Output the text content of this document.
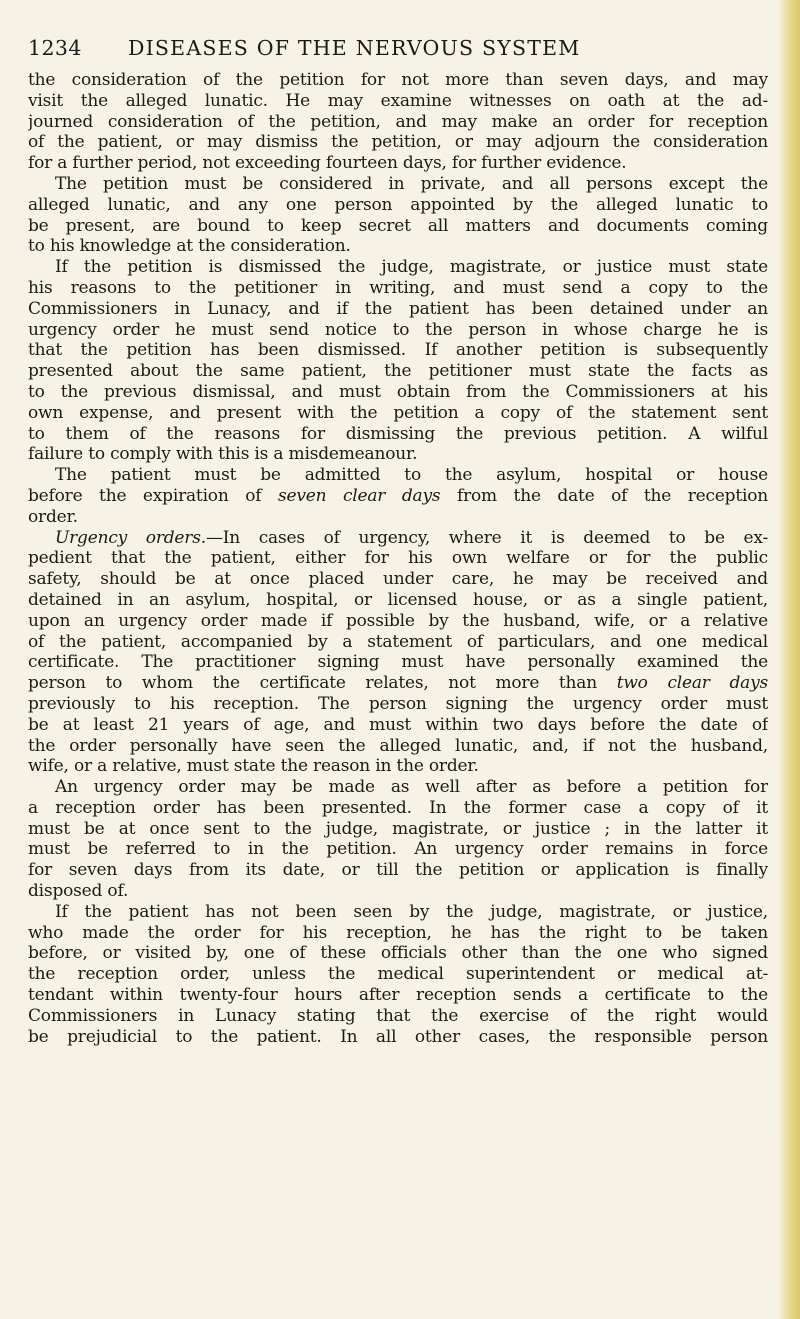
1234 DISEASES OF THE NERVOUS SYSTEM
the consideration of the petition for not more than seven days, and may
visit the alleged lunatic. He may examine witnesses on oath at the ad-
journed consideration of the petition, and may make an order for reception
of the patient, or may dismiss the petition, or may adjourn the consideration
for a further period, not exceeding fourteen days, for further evidence.
The petition must be considered in private, and all persons except the
alleged lunatic, and any one person appointed by the alleged lunatic to
be present, are bound to keep secret all matters and documents coming
to his knowledge at the consideration.
If the petition is dismissed the judge, magistrate, or justice must state
his reasons to the petitioner in writing, and must send a copy to the
Commissioners in Lunacy, and if the patient has been detained under an
urgency order he must send notice to the person in whose charge he is
that the petition has been dismissed. If another petition is subsequently
presented about the same patient, the petitioner must state the facts as
to the previous dismissal, and must obtain from the Commissioners at his
own expense, and present with the petition a copy of the statement sent
to them of the reasons for dismissing the previous petition. A wilful
failure to comply with this is a misdemeanour.
The patient must be admitted to the asylum, hospital or house
before the expiration of seven clear days from the date of the reception
order.
Urgency orders.—In cases of urgency, where it is deemed to be ex-
pedient that the patient, either for his own welfare or for the public
safety, should be at once placed under care, he may be received and
detained in an asylum, hospital, or licensed house, or as a single patient,
upon an urgency order made if possible by the husband, wife, or a relative
of the patient, accompanied by a statement of particulars, and one medical
certificate. The practitioner signing must have personally examined the
person to whom the certificate relates, not more than two clear days
previously to his reception. The person signing the urgency order must
be at least 21 years of age, and must within two days before the date of
the order personally have seen the alleged lunatic, and, if not the husband,
wife, or a relative, must state the reason in the order.
An urgency order may be made as well after as before a petition for
a reception order has been presented. In the former case a copy of it
must be at once sent to the judge, magistrate, or justice ; in the latter it
must be referred to in the petition. An urgency order remains in force
for seven days from its date, or till the petition or application is finally
disposed of.
If the patient has not been seen by the judge, magistrate, or justice,
who made the order for his reception, he has the right to be taken
before, or visited by, one of these officials other than the one who signed
the reception order, unless the medical superintendent or medical at-
tendant within twenty-four hours after reception sends a certificate to the
Commissioners in Lunacy stating that the exercise of the right would
be prejudicial to the patient. In all other cases, the responsible person
